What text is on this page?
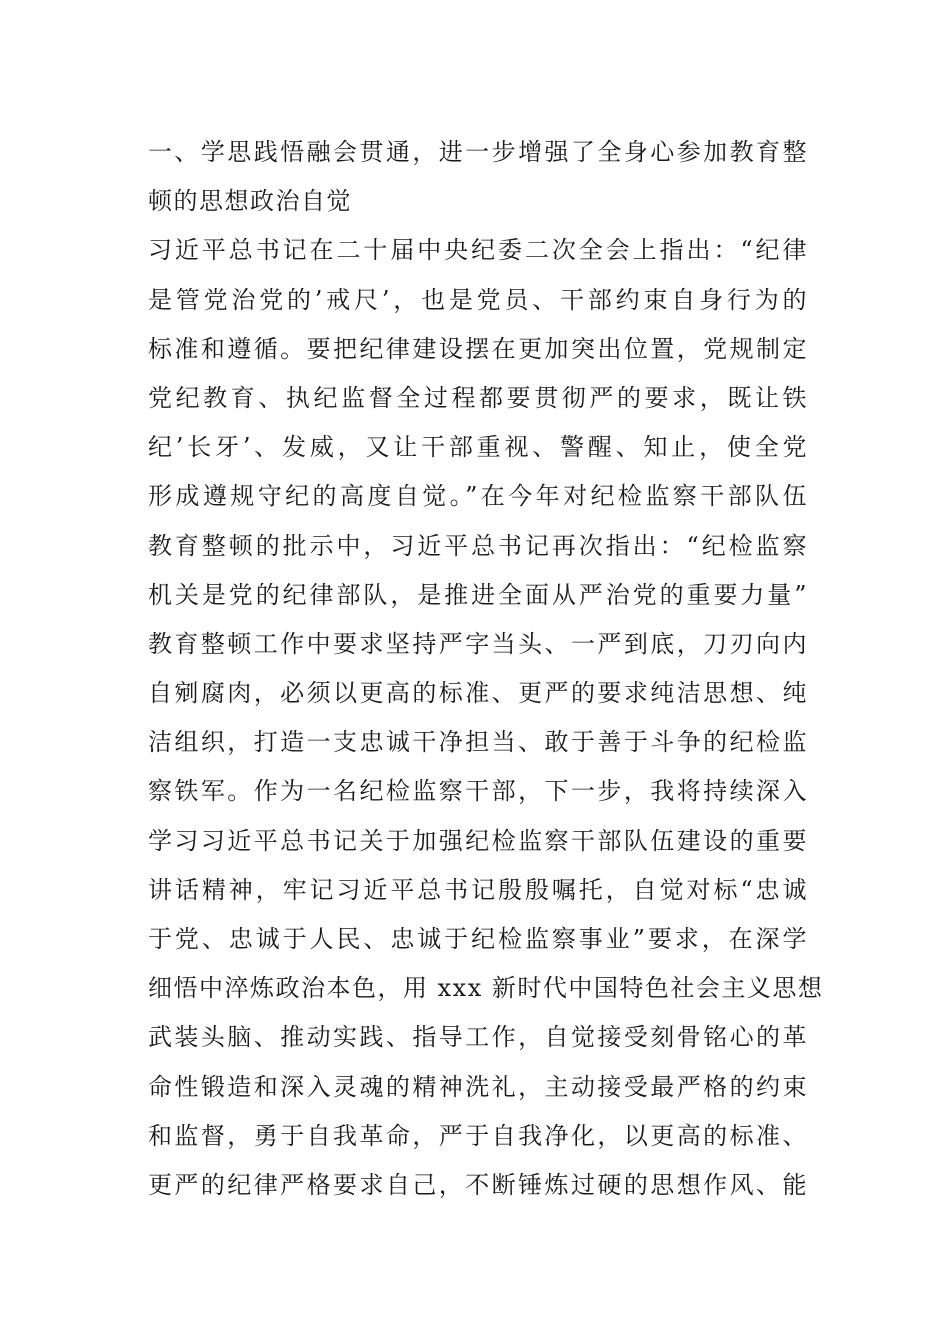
一、学思践悟融会贯通，进一步增强了全身心参加教育整
顿的思想政治自觉
习近平总书记在二十届中央纪委二次全会上指出：“纪律
是管党治党的’戒尺’，也是党员、干部约束自身行为的
标准和遵循。要把纪律建设摆在更加突出位置，党规制定
党纪教育、执纪监督全过程都要贯彻严的要求，既让铁
纪’长牙’、发威，又让干部重视、警醒、知止，使全党
形成遵规守纪的高度自觉。”在今年对纪检监察干部队伍
教育整顿的批示中，习近平总书记再次指出：“纪检监察
机关是党的纪律部队，是推进全面从严治党的重要力量”
教育整顿工作中要求坚持严字当头、一严到底，刀刃向内
自剜腐肉，必须以更高的标准、更严的要求纯洁思想、纯
洁组织，打造一支忠诚干净担当、敢于善于斗争的纪检监
察铁军。作为一名纪检监察干部，下一步，我将持续深入
学习习近平总书记关于加强纪检监察干部队伍建设的重要
讲话精神，牢记习近平总书记殷殷嘱托，自觉对标“忠诚
于党、忠诚于人民、忠诚于纪检监察事业”要求，在深学
细悟中淬炼政治本色，用 xxx 新时代中国特色社会主义思想
武装头脑、推动实践、指导工作，自觉接受刻骨铭心的革
命性锻造和深入灵魂的精神洗礼，主动接受最严格的约束
和监督，勇于自我革命，严于自我净化，以更高的标准、
更严的纪律严格要求自己，不断锤炼过硬的思想作风、能
